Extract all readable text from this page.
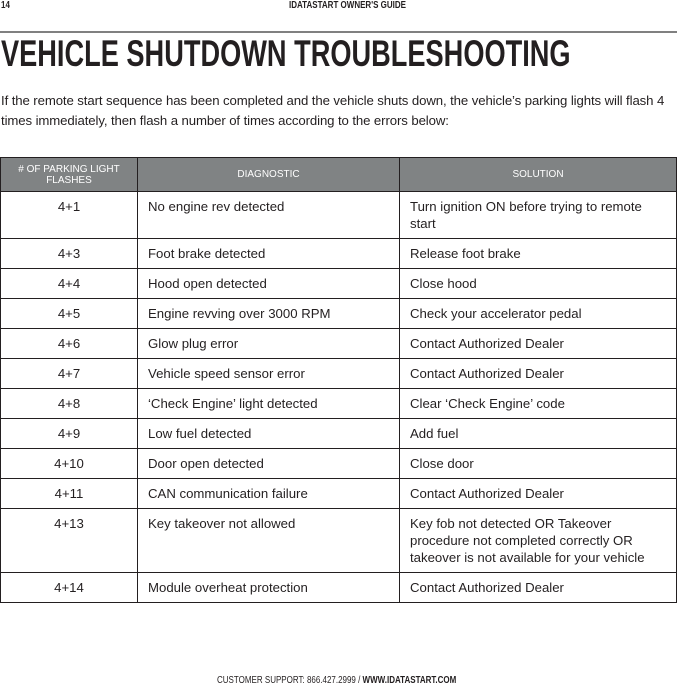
14	IDATASTART OWNER'S GUIDE
VEHICLE SHUTDOWN TROUBLESHOOTING

If the remote start sequence has been completed and the vehicle shuts down, the vehicle’s parking lights will flash 4 times immediately, then flash a number of times according to the errors below:

# OF PARKING LIGHT FLASHES	DIAGNOSTIC	SOLUTION
4+1	No engine rev detected	Turn ignition ON before trying to remote start
4+3	Foot brake detected	Release foot brake
4+4	Hood open detected	Close hood
4+5	Engine revving over 3000 RPM	Check your accelerator pedal
4+6	Glow plug error	Contact Authorized Dealer
4+7	Vehicle speed sensor error	Contact Authorized Dealer
4+8	‘Check Engine’ light detected	Clear ‘Check Engine’ code
4+9	Low fuel detected	Add fuel
4+10	Door open detected	Close door
4+11	CAN communication failure	Contact Authorized Dealer
4+13	Key takeover not allowed	Key fob not detected OR Takeover procedure not completed correctly OR takeover is not available for your vehicle
4+14	Module overheat protection	Contact Authorized Dealer
CUSTOMER SUPPORT: 866.427.2999 / WWW.IDATASTART.COM
